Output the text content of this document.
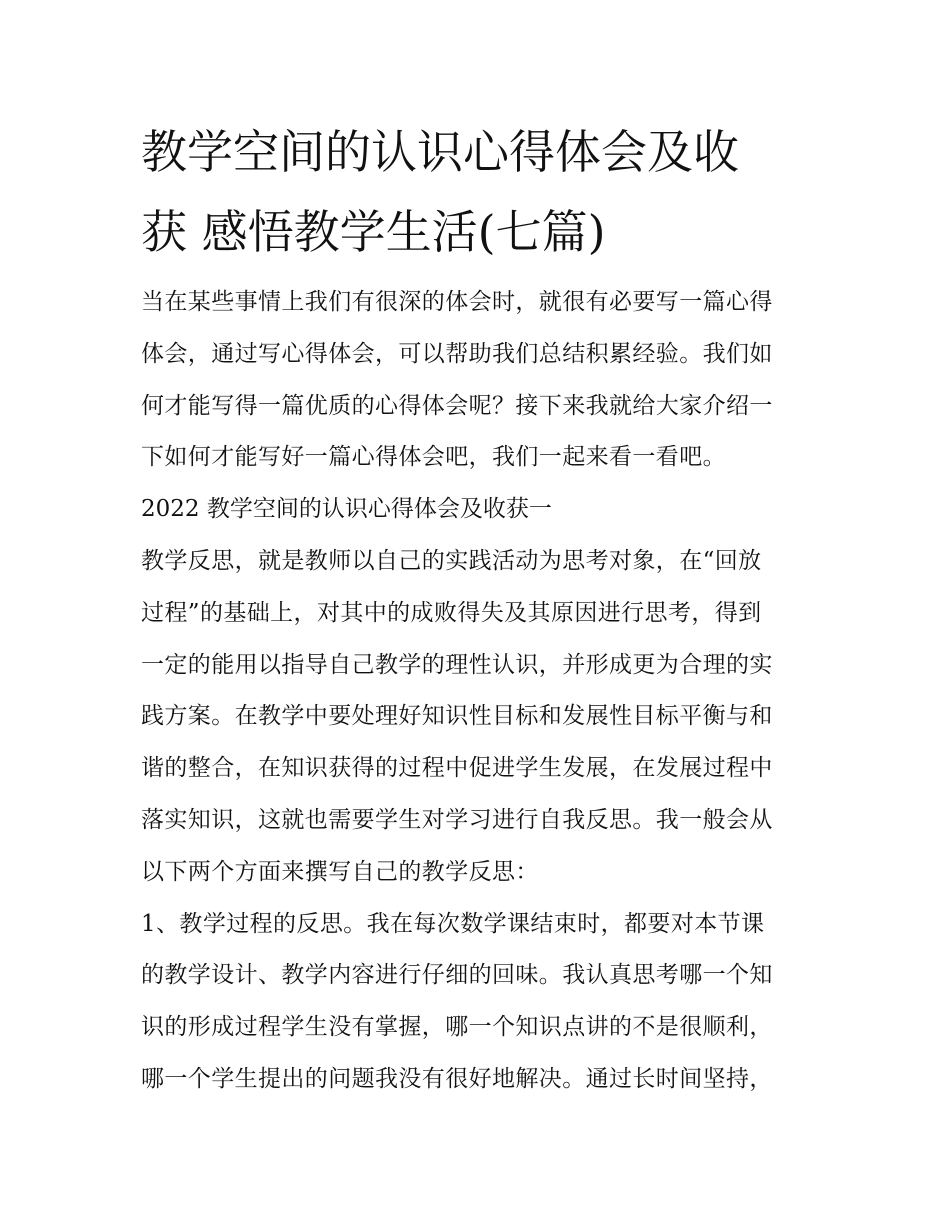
教学空间的认识心得体会及收
获 感悟教学生活(七篇)
当在某些事情上我们有很深的体会时，就很有必要写一篇心得
体会，通过写心得体会，可以帮助我们总结积累经验。我们如
何才能写得一篇优质的心得体会呢？接下来我就给大家介绍一
下如何才能写好一篇心得体会吧，我们一起来看一看吧。
2022 教学空间的认识心得体会及收获一
教学反思，就是教师以自己的实践活动为思考对象，在“回放
过程”的基础上，对其中的成败得失及其原因进行思考，得到
一定的能用以指导自己教学的理性认识，并形成更为合理的实
践方案。在教学中要处理好知识性目标和发展性目标平衡与和
谐的整合，在知识获得的过程中促进学生发展，在发展过程中
落实知识，这就也需要学生对学习进行自我反思。我一般会从
以下两个方面来撰写自己的教学反思：
1、教学过程的反思。我在每次数学课结束时，都要对本节课
的教学设计、教学内容进行仔细的回味。我认真思考哪一个知
识的形成过程学生没有掌握，哪一个知识点讲的不是很顺利，
哪一个学生提出的问题我没有很好地解决。通过长时间坚持，
